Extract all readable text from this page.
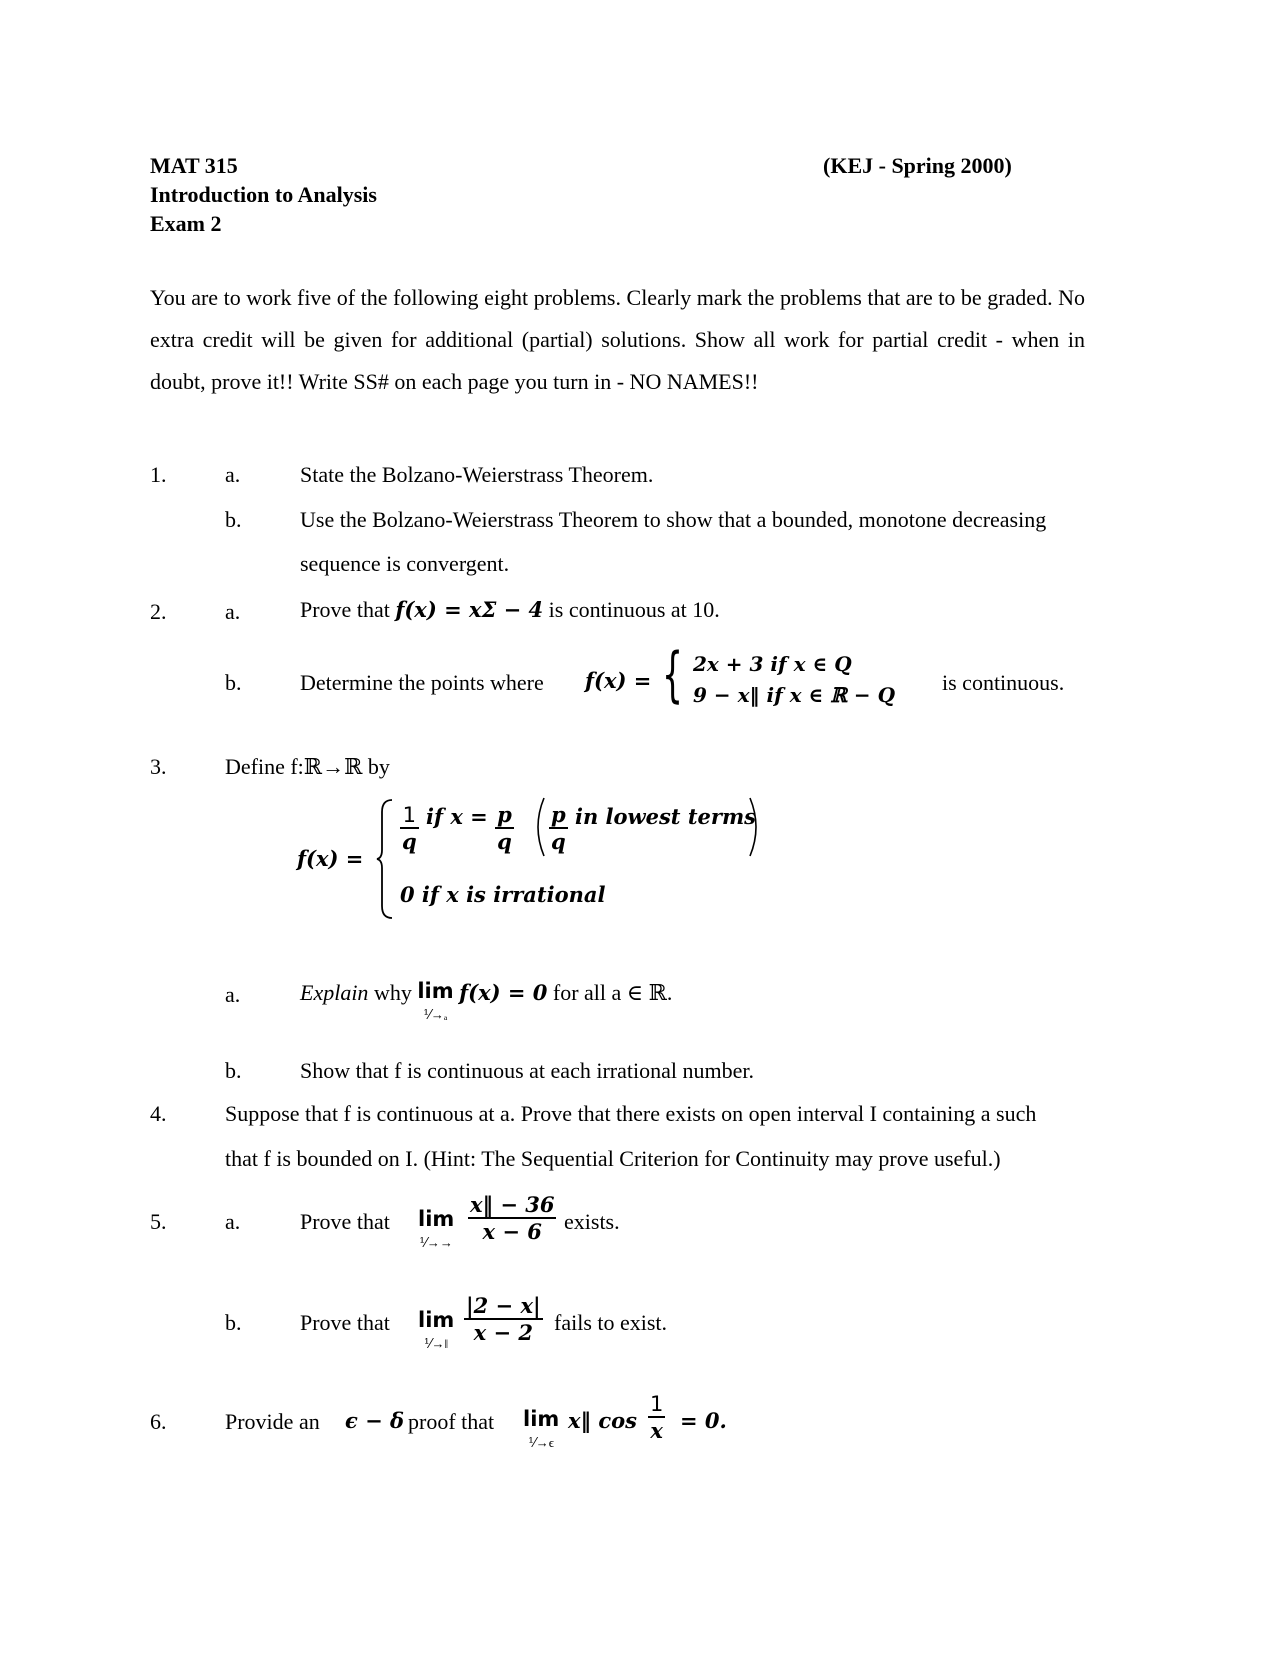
MAT 315
Introduction to Analysis
Exam 2
(KEJ - Spring 2000)
You are to work five of the following eight problems. Clearly mark the problems that are to be graded. No extra credit will be given for additional (partial) solutions. Show all work for partial credit - when in doubt, prove it!! Write SS# on each page you turn in - NO NAMES!!
1.	a.	State the Bolzano-Weierstrass Theorem.
b.	Use the Bolzano-Weierstrass Theorem to show that a bounded, monotone decreasing
sequence is convergent.
2.	a.	Prove that f(x) = xΣ − 4 is continuous at 10.
b.	Determine the points where f(x) = { 2x + 3 if x ∈ Q
9 − x‖ if x ∈ ℝ − Q is continuous.
3.	Define f:ℝ→ℝ by
f(x) =
$\frac{1}{q}$ if $x = \frac{p}{q} \frac{p}{q}$ in lowest terms
0 if x is irrational
a.	Explain why lim
⅟→ₐ
f(x) = 0 for all a ∈ ℝ.
b.	Show that f is continuous at each irrational number.
4.	Suppose that f is continuous at a. Prove that there exists on open interval I containing a such
that f is bounded on I. (Hint: The Sequential Criterion for Continuity may prove useful.)
5.	a.	Prove that lim
⅟→→ $\frac{x‖ - 36}{x - 6}$ exists.
b.	Prove that lim
⅟→‖ $\frac{|2 - x|}{x - 2}$ fails to exist.
6.	Provide an ϵ − δ proof that lim
⅟→ϵ
x‖ $\cos \frac{1}{x} = 0$.
